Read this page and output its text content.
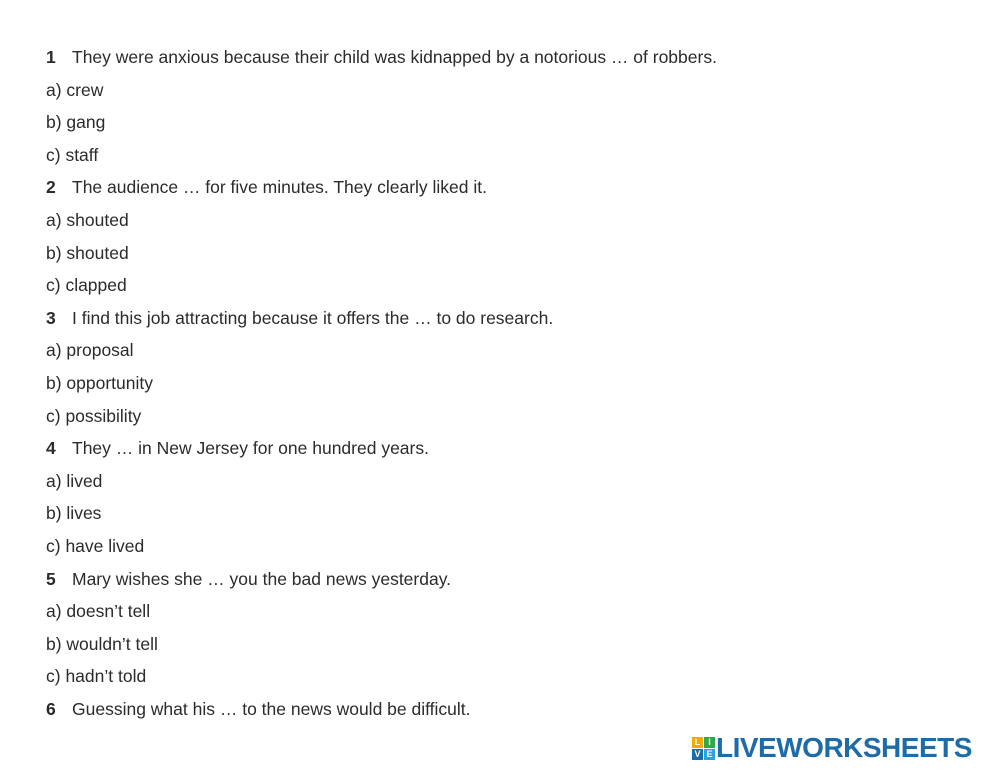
1 They were anxious because their child was kidnapped by a notorious … of robbers.
a) crew
b) gang
c) staff
2 The audience … for five minutes. They clearly liked it.
a) shouted
b) shouted
c) clapped
3 I find this job attracting because it offers the … to do research.
a) proposal
b) opportunity
c) possibility
4 They … in New Jersey for one hundred years.
a) lived
b) lives
c) have lived
5 Mary wishes she … you the bad news yesterday.
a) doesn’t tell
b) wouldn’t tell
c) hadn’t told
6 Guessing what his … to the news would be difficult.
L I
V E LIVEWORKSHEETS
